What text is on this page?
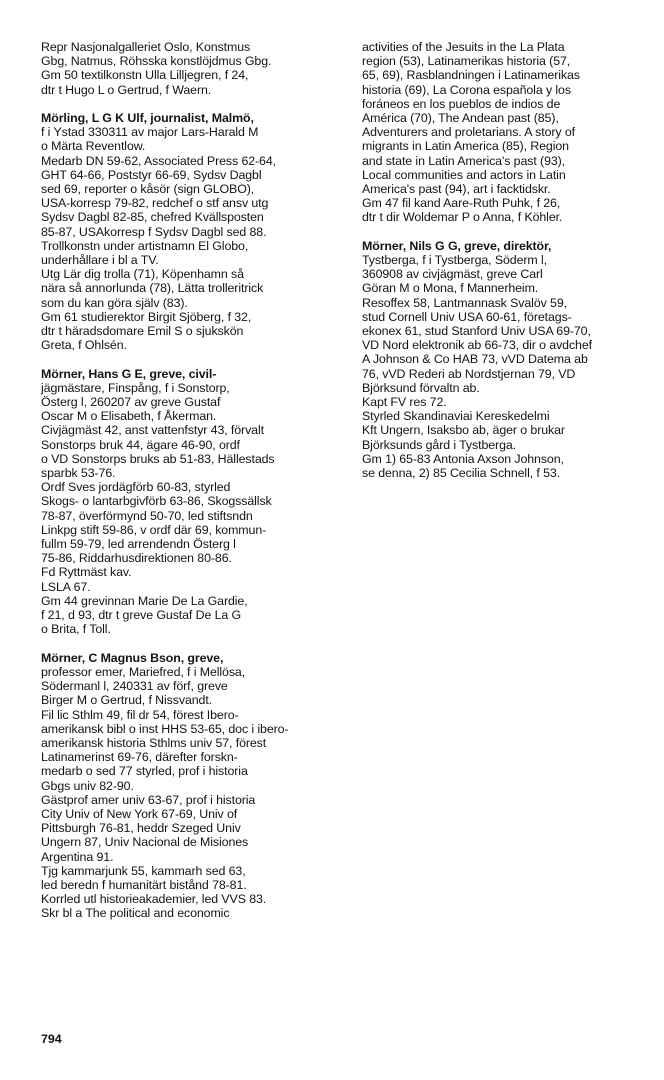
Repr Nasjonalgalleriet Oslo, Konstmus
Gbg, Natmus, Röhsska konstlöjdmus Gbg.
Gm 50 textilkonstn Ulla Lilljegren, f 24,
dtr t Hugo L o Gertrud, f Waern.
Mörling, L G K Ulf, journalist, Malmö,
f i Ystad 330311 av major Lars-Harald M
o Märta Reventlow.
Medarb DN 59-62, Associated Press 62-64,
GHT 64-66, Poststyr 66-69, Sydsv Dagbl
sed 69, reporter o kåsör (sign GLOBO),
USA-korresp 79-82, redchef o stf ansv utg
Sydsv Dagbl 82-85, chefred Kvällsposten
85-87, USAkorresp f Sydsv Dagbl sed 88.
Trollkonstn under artistnamn El Globo,
underhållare i bl a TV.
Utg Lär dig trolla (71), Köpenhamn så
nära så annorlunda (78), Lätta trolleritrick
som du kan göra själv (83).
Gm 61 studierektor Birgit Sjöberg, f 32,
dtr t häradsdomare Emil S o sjukskön
Greta, f Ohlsén.
Mörner, Hans G E, greve, civil-
jägmästare, Finspång, f i Sonstorp,
Österg l, 260207 av greve Gustaf
Oscar M o Elisabeth, f Åkerman.
Civjägmäst 42, anst vattenfstyr 43, förvalt
Sonstorps bruk 44, ägare 46-90, ordf
o VD Sonstorps bruks ab 51-83, Hällestads
sparbk 53-76.
Ordf Sves jordägförb 60-83, styrled
Skogs- o lantarbgivförb 63-86, Skogssällsk
78-87, överförmynd 50-70, led stiftsndn
Linkpg stift 59-86, v ordf där 69, kommun-
fullm 59-79, led arrendendn Österg l
75-86, Riddarhusdirektionen 80-86.
Fd Ryttmäst kav.
LSLA 67.
Gm 44 grevinnan Marie De La Gardie,
f 21, d 93, dtr t greve Gustaf De La G
o Brita, f Toll.
Mörner, C Magnus Bson, greve,
professor emer, Mariefred, f i Mellösa,
Södermanl l, 240331 av förf, greve
Birger M o Gertrud, f Nissvandt.
Fil lic Sthlm 49, fil dr 54, förest Ibero-
amerikansk bibl o inst HHS 53-65, doc i ibero-
amerikansk historia Sthlms univ 57, förest
Latinamerinst 69-76, därefter forskn-
medarb o sed 77 styrled, prof i historia
Gbgs univ 82-90.
Gästprof amer univ 63-67, prof i historia
City Univ of New York 67-69, Univ of
Pittsburgh 76-81, heddr Szeged Univ
Ungern 87, Univ Nacional de Misiones
Argentina 91.
Tjg kammarjunk 55, kammarh sed 63,
led beredn f humanitärt bistånd 78-81.
Korrled utl historieakademier, led VVS 83.
Skr bl a The political and economic
activities of the Jesuits in the La Plata
region (53), Latinamerikas historia (57,
65, 69), Rasblandningen i Latinamerikas
historia (69), La Corona española y los
foráneos en los pueblos de indios de
América (70), The Andean past (85),
Adventurers and proletarians. A story of
migrants in Latin America (85), Region
and state in Latin America's past (93),
Local communities and actors in Latin
America's past (94), art i facktidskr.
Gm 47 fil kand Aare-Ruth Puhk, f 26,
dtr t dir Woldemar P o Anna, f Köhler.
Mörner, Nils G G, greve, direktör,
Tystberga, f i Tystberga, Söderm l,
360908 av civjägmäst, greve Carl
Göran M o Mona, f Mannerheim.
Resoffex 58, Lantmannask Svalöv 59,
stud Cornell Univ USA 60-61, företags-
ekonex 61, stud Stanford Univ USA 69-70,
VD Nord elektronik ab 66-73, dir o avdchef
A Johnson & Co HAB 73, vVD Datema ab
76, vVD Rederi ab Nordstjernan 79, VD
Björksund förvaltn ab.
Kapt FV res 72.
Styrled Skandinaviai Kereskedelmi
Kft Ungern, Isaksbo ab, äger o brukar
Björksunds gård i Tystberga.
Gm 1) 65-83 Antonia Axson Johnson,
se denna, 2) 85 Cecilia Schnell, f 53.
794
